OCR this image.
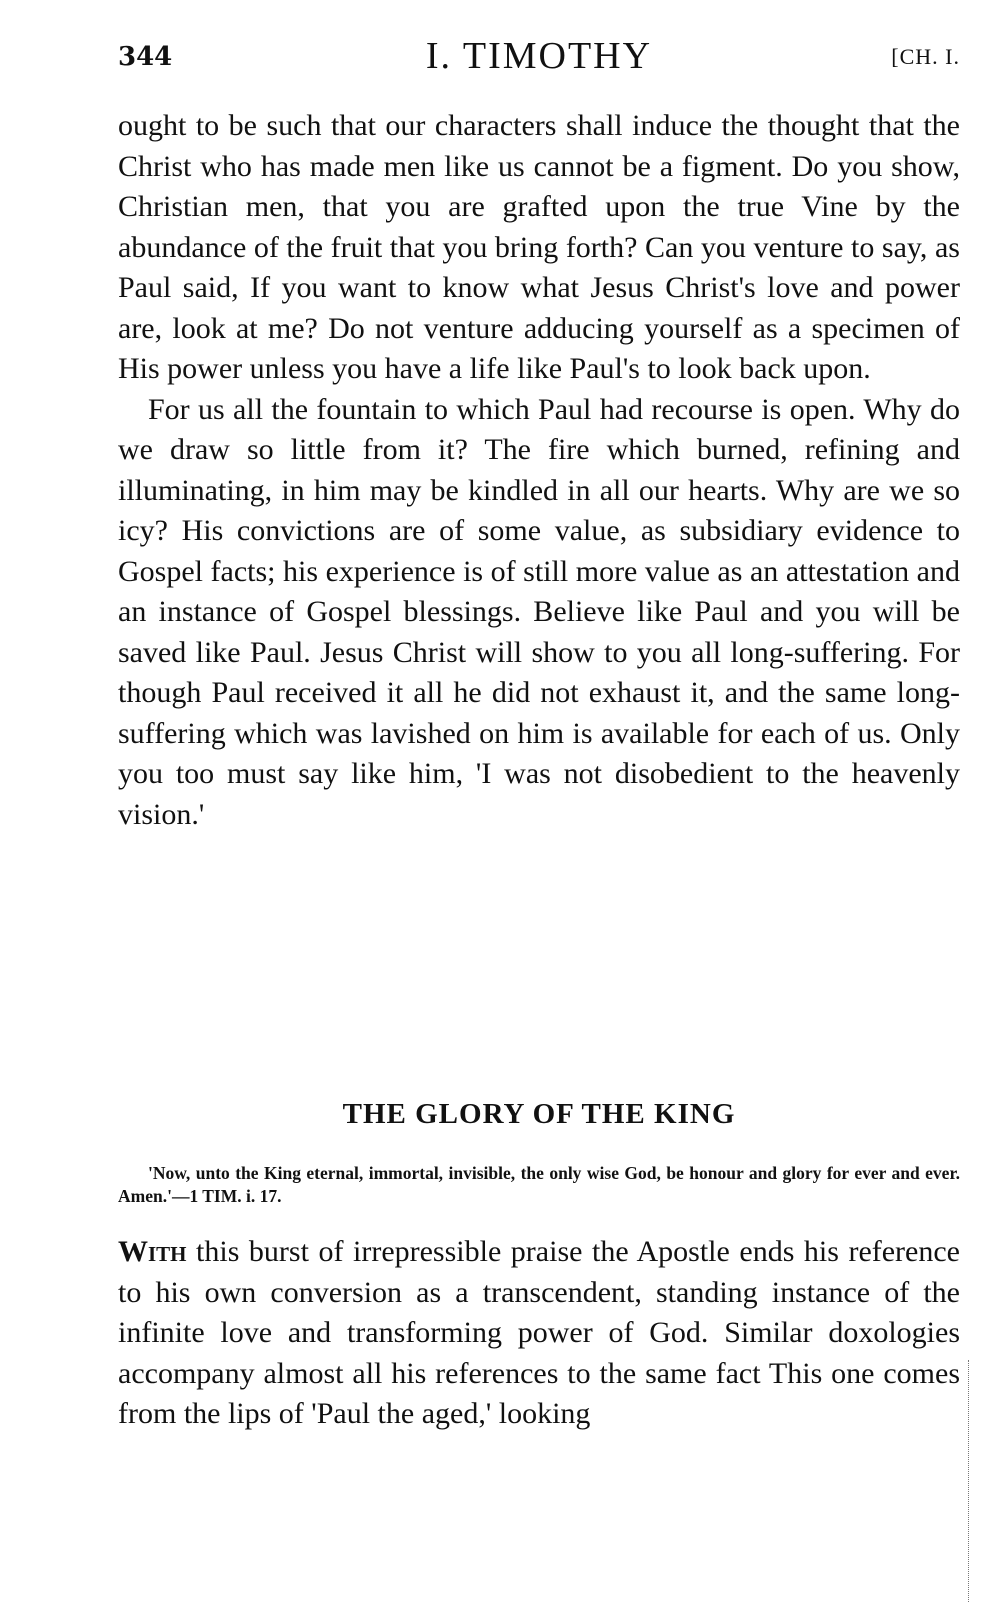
344	I. TIMOTHY	[CH. I.

ought to be such that our characters shall induce the thought that the Christ who has made men like us cannot be a figment. Do you show, Christian men, that you are grafted upon the true Vine by the abundance of the fruit that you bring forth? Can you venture to say, as Paul said, If you want to know what Jesus Christ's love and power are, look at me? Do not venture adducing yourself as a specimen of His power unless you have a life like Paul's to look back upon.

For us all the fountain to which Paul had recourse is open. Why do we draw so little from it? The fire which burned, refining and illuminating, in him may be kindled in all our hearts. Why are we so icy? His convictions are of some value, as subsidiary evidence to Gospel facts; his experience is of still more value as an attestation and an instance of Gospel blessings. Believe like Paul and you will be saved like Paul. Jesus Christ will show to you all long-suffering. For though Paul received it all he did not exhaust it, and the same long-suffering which was lavished on him is available for each of us. Only you too must say like him, 'I was not disobedient to the heavenly vision.'

THE GLORY OF THE KING

'Now, unto the King eternal, immortal, invisible, the only wise God, be honour and glory for ever and ever. Amen.'—1 TIM. i. 17.

With this burst of irrepressible praise the Apostle ends his reference to his own conversion as a transcendent, standing instance of the infinite love and transforming power of God. Similar doxologies accompany almost all his references to the same fact This one comes from the lips of 'Paul the aged,' looking
